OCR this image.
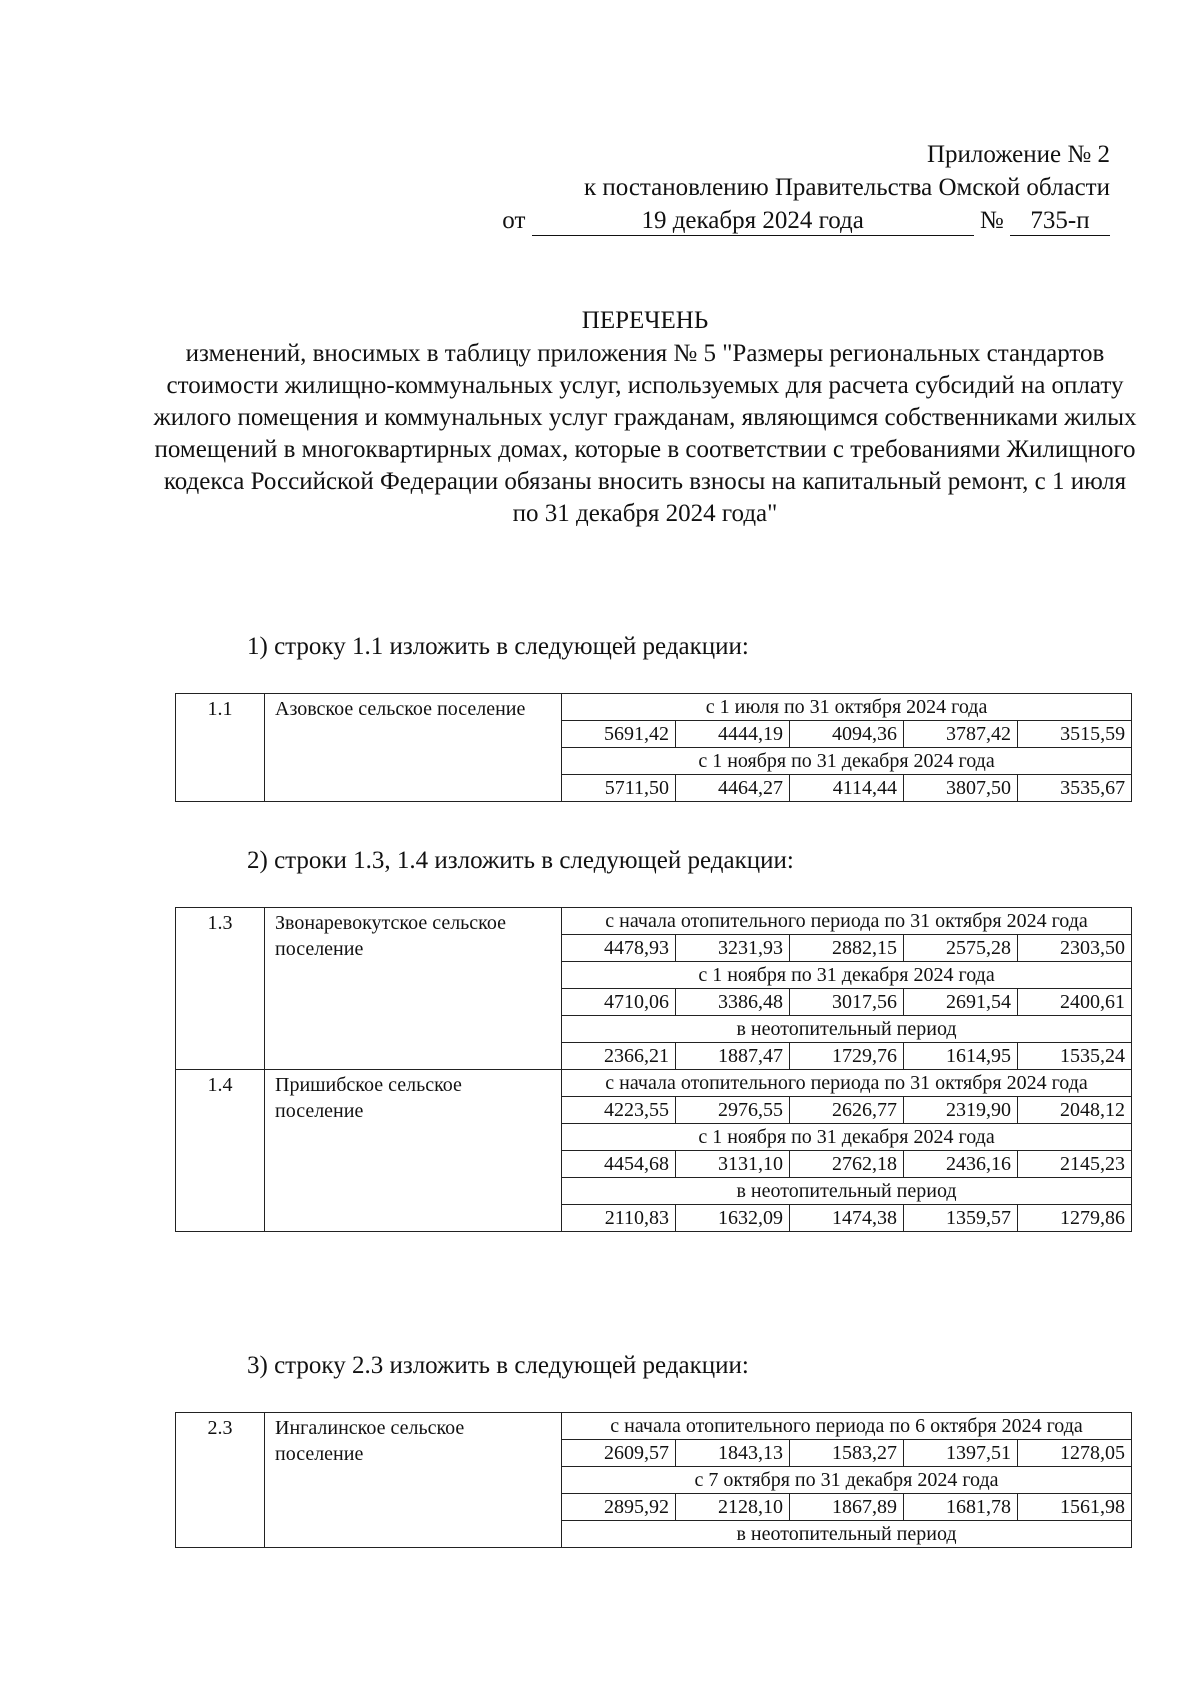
Приложение № 2
к постановлению Правительства Омской области
от	19 декабря 2024 года	№ 735-п
ПЕРЕЧЕНЬ
изменений, вносимых в таблицу приложения № 5 "Размеры региональных стандартов стоимости жилищно-коммунальных услуг, используемых для расчета субсидий на оплату жилого помещения и коммунальных услуг гражданам, являющимся собственниками жилых помещений в многоквартирных домах, которые в соответствии с требованиями Жилищного кодекса Российской Федерации обязаны вносить взносы на капитальный ремонт, с 1 июля по 31 декабря 2024 года"
1) строку 1.1 изложить в следующей редакции:
1.1	Азовское сельское поселение	с 1 июля по 31 октября 2024 года				
		5691,42	4444,19	4094,36	3787,42	3515,59
		с 1 ноября по 31 декабря 2024 года				
		5711,50	4464,27	4114,44	3807,50	3535,67
2) строки 1.3, 1.4 изложить в следующей редакции:
1.3	Звонаревокутское сельское поселение	с начала отопительного периода по 31 октября 2024 года				
		4478,93	3231,93	2882,15	2575,28	2303,50
		с 1 ноября по 31 декабря 2024 года				
		4710,06	3386,48	3017,56	2691,54	2400,61
		в неотопительный период				
		2366,21	1887,47	1729,76	1614,95	1535,24
1.4	Пришибское сельское поселение	с начала отопительного периода по 31 октября 2024 года				
		4223,55	2976,55	2626,77	2319,90	2048,12
		с 1 ноября по 31 декабря 2024 года				
		4454,68	3131,10	2762,18	2436,16	2145,23
		в неотопительный период				
		2110,83	1632,09	1474,38	1359,57	1279,86
3) строку 2.3 изложить в следующей редакции:
2.3	Ингалинское сельское поселение	с начала отопительного периода по 6 октября 2024 года				
		2609,57	1843,13	1583,27	1397,51	1278,05
		с 7 октября по 31 декабря 2024 года				
		2895,92	2128,10	1867,89	1681,78	1561,98
		в неотопительный период				
